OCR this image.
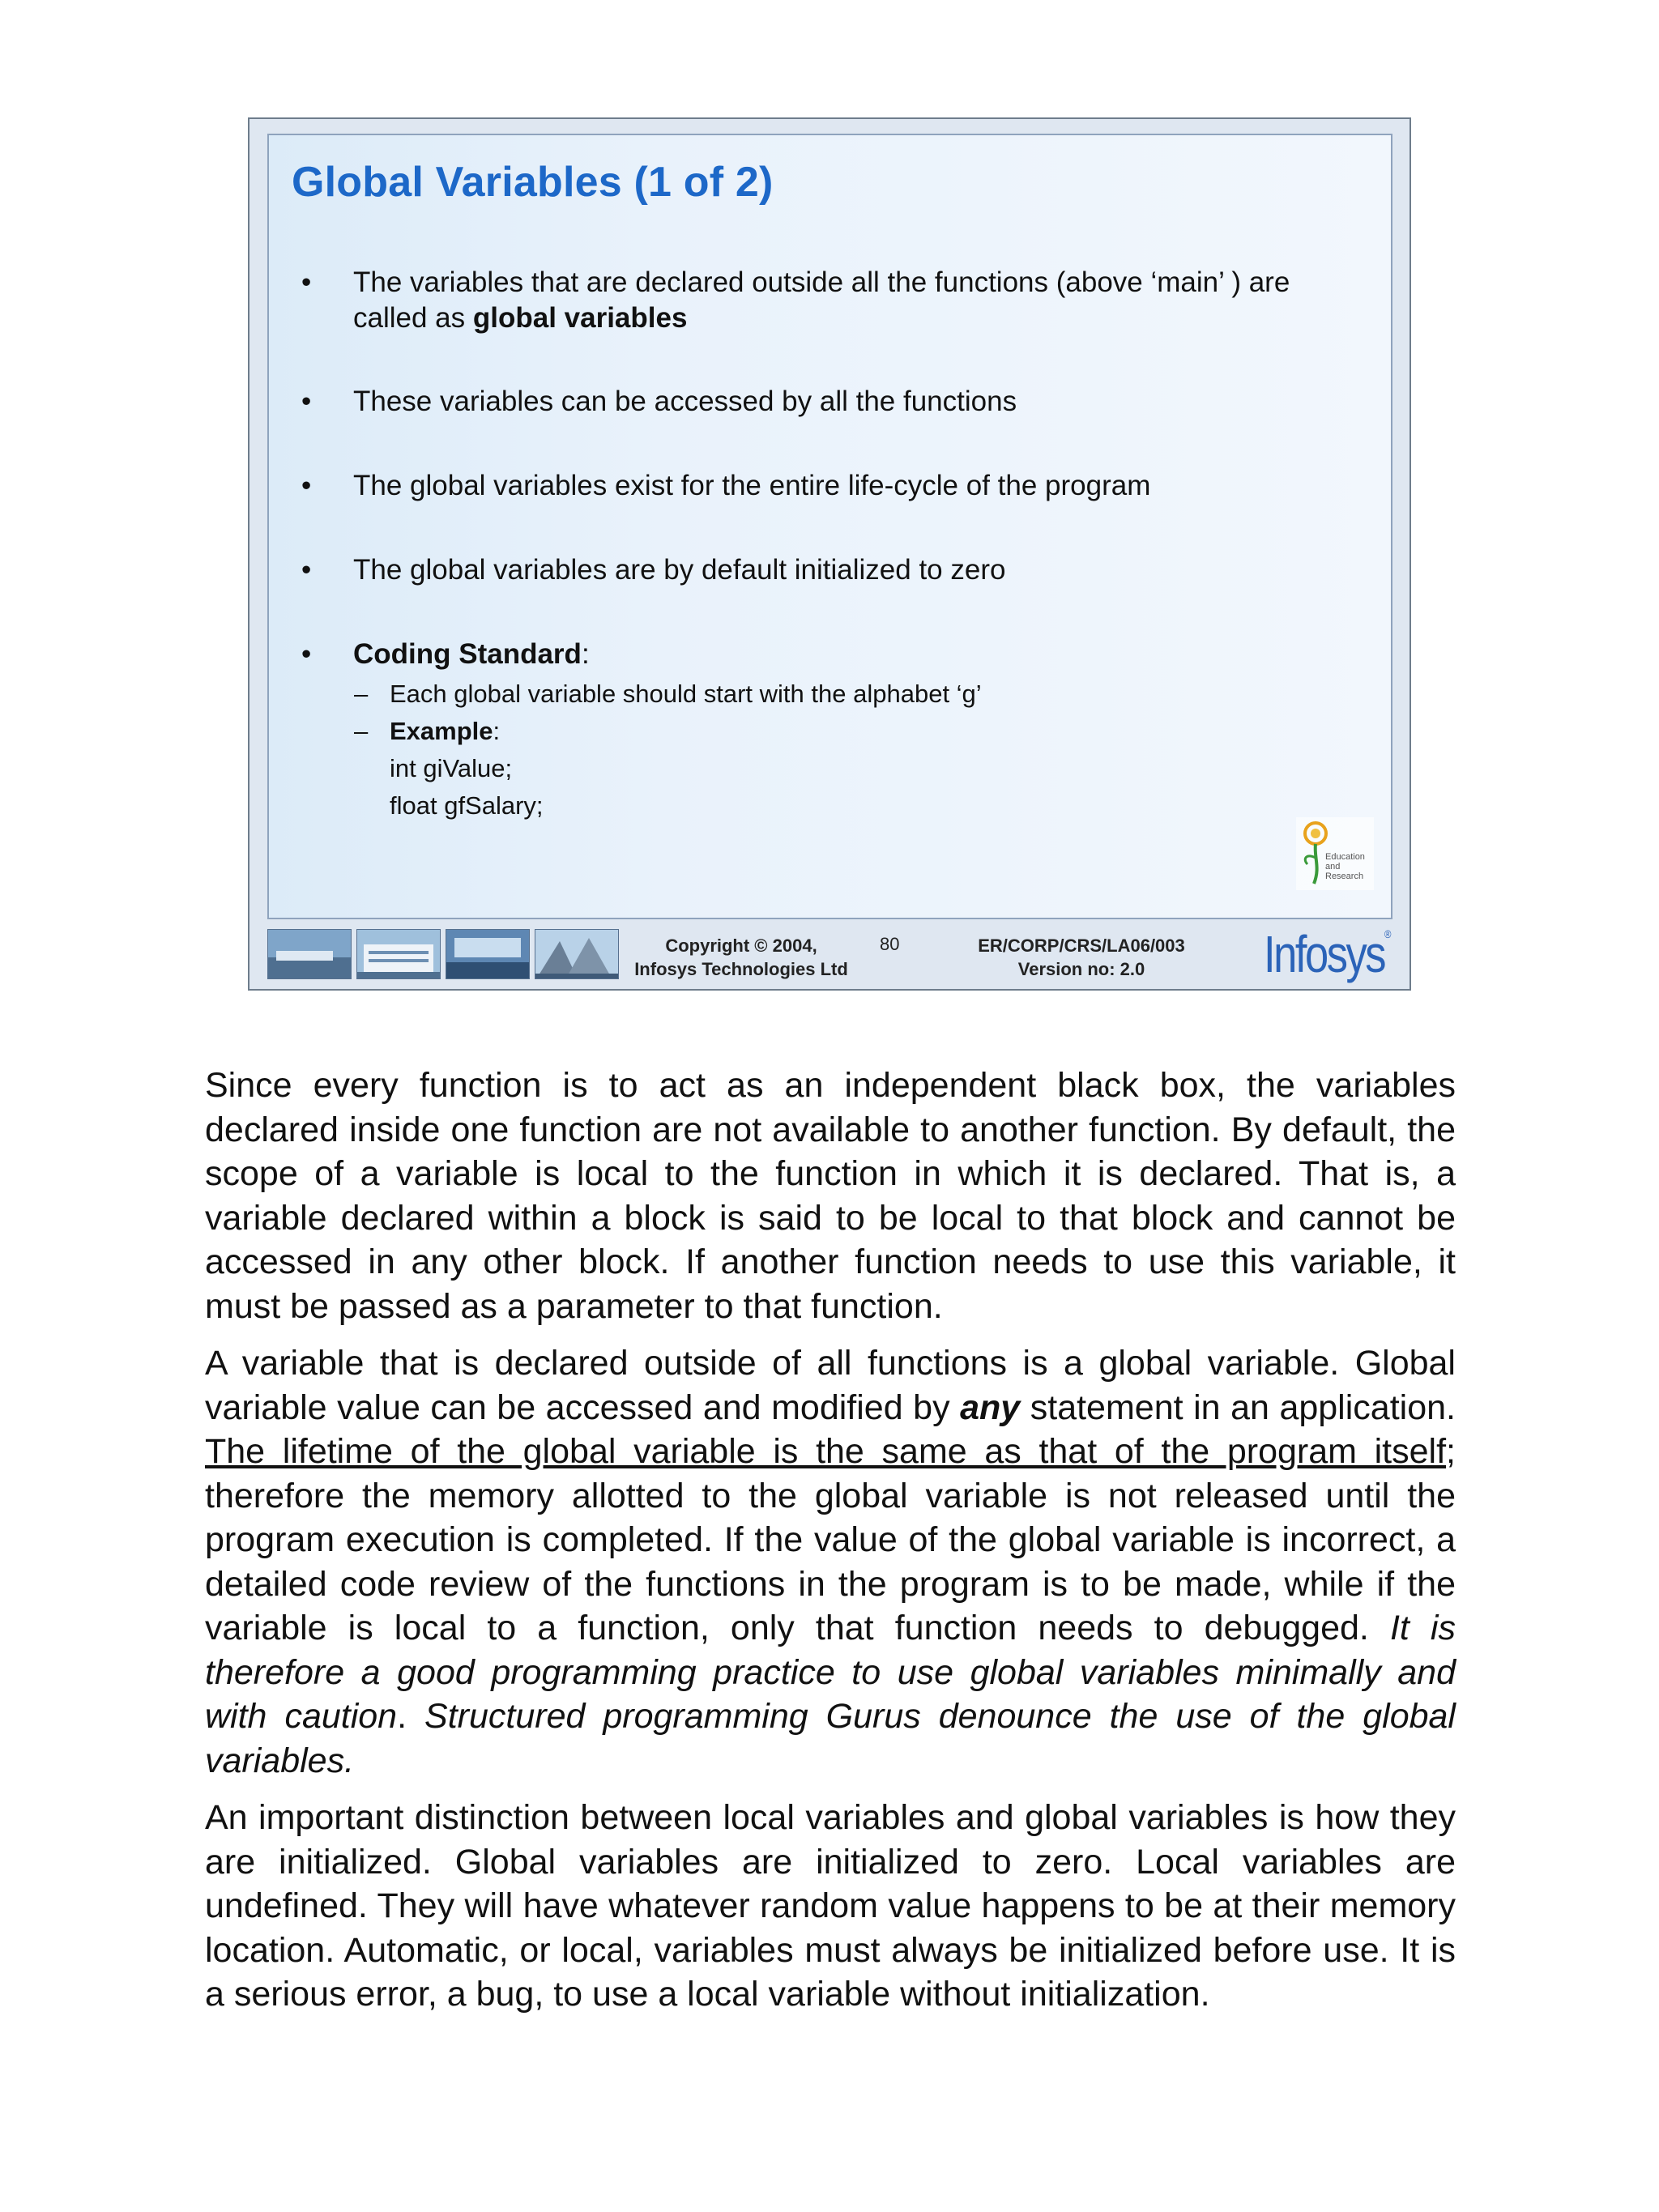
Global Variables (1 of 2)
• The variables that are declared outside all the functions (above ‘main’ ) are
called as global variables
• These variables can be accessed by all the functions
• The global variables exist for the entire life-cycle of the program
• The global variables are by default initialized to zero
• Coding Standard:
– Each global variable should start with the alphabet ‘g’
– Example:
int giValue;
float gfSalary;
Education
and
Research
Copyright © 2004,
Infosys Technologies Ltd
80	ER/CORP/CRS/LA06/003
Version no: 2.0	Infosys®

Since every function is to act as an independent black box, the variables declared inside one function are not available to another function. By default, the scope of a variable is local to the function in which it is declared. That is, a variable declared within a block is said to be local to that block and cannot be accessed in any other block. If another function needs to use this variable, it must be passed as a parameter to that function.

A variable that is declared outside of all functions is a global variable. Global variable value can be accessed and modified by any statement in an application. The lifetime of the global variable is the same as that of the program itself; therefore the memory allotted to the global variable is not released until the program execution is completed. If the value of the global variable is incorrect, a detailed code review of the functions in the program is to be made, while if the variable is local to a function, only that function needs to debugged. It is therefore a good programming practice to use global variables minimally and with caution. Structured programming Gurus denounce the use of the global variables.

An important distinction between local variables and global variables is how they are initialized. Global variables are initialized to zero. Local variables are undefined. They will have whatever random value happens to be at their memory location. Automatic, or local, variables must always be initialized before use. It is a serious error, a bug, to use a local variable without initialization.
